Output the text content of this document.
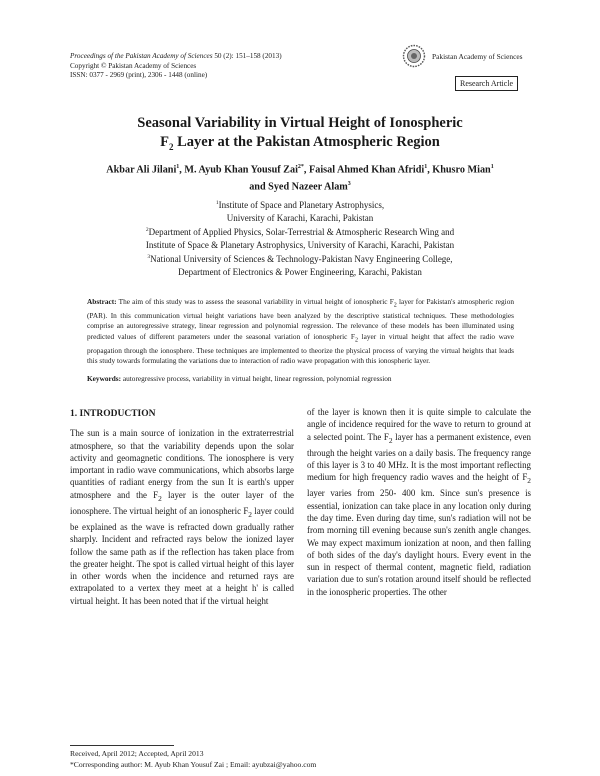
Proceedings of the Pakistan Academy of Sciences 50 (2): 151–158 (2013)
Copyright © Pakistan Academy of Sciences
ISSN: 0377 - 2969 (print), 2306 - 1448 (online)
Pakistan Academy of Sciences
Research Article
Seasonal Variability in Virtual Height of Ionospheric
$F_2$ Layer at the Pakistan Atmospheric Region
Akbar Ali Jilani$^1$, M. Ayub Khan Yousuf Zai$^{2*}$, Faisal Ahmed Khan Afridi$^1$, Khusro Mian$^1$
and Syed Nazeer Alam$^3$
$^1$Institute of Space and Planetary Astrophysics,
University of Karachi, Karachi, Pakistan
$^2$Department of Applied Physics, Solar-Terrestrial & Atmospheric Research Wing and
Institute of Space & Planetary Astrophysics, University of Karachi, Karachi, Pakistan
$^3$National University of Sciences & Technology-Pakistan Navy Engineering College,
Department of Electronics & Power Engineering, Karachi, Pakistan
Abstract: The aim of this study was to assess the seasonal variability in virtual height of ionospheric $F_2$ layer for Pakistan's atmospheric region (PAR). In this communication virtual height variations have been analyzed by the descriptive statistical techniques. These methodologies comprise an autoregressive strategy, linear regression and polynomial regression. The relevance of these models has been illuminated using predicted values of different parameters under the seasonal variation of ionospheric $F_2$ layer in virtual height that affect the radio wave propagation through the ionosphere. These techniques are implemented to theorize the physical process of varying the virtual heights that leads this study towards formulating the variations due to interaction of radio wave propagation with this ionospheric layer.
Keywords: autoregressive process, variability in virtual height, linear regression, polynomial regression
1. INTRODUCTION
The sun is a main source of ionization in the extraterrestrial atmosphere, so that the variability depends upon the solar activity and geomagnetic conditions. The ionosphere is very important in radio wave communications, which absorbs large quantities of radiant energy from the sun It is earth's upper atmosphere and the $F_2$ layer is the outer layer of the ionosphere. The virtual height of an ionospheric $F_2$ layer could be explained as the wave is refracted down gradually rather sharply. Incident and refracted rays below the ionized layer follow the same path as if the reflection has taken place from the greater height. The spot is called virtual height of this layer in other words when the incidence and returned rays are extrapolated to a vertex they meet at a height h' is called virtual height. It has been noted that if the virtual height
of the layer is known then it is quite simple to calculate the angle of incidence required for the wave to return to ground at a selected point. The $F_2$ layer has a permanent existence, even through the height varies on a daily basis. The frequency range of this layer is 3 to 40 MHz. It is the most important reflecting medium for high frequency radio waves and the height of $F_2$ layer varies from 250- 400 km. Since sun's presence is essential, ionization can take place in any location only during the day time. Even during day time, sun's radiation will not be from morning till evening because sun's zenith angle changes. We may expect maximum ionization at noon, and then falling of both sides of the day's daylight hours. Every event in the sun in respect of thermal content, magnetic field, radiation variation due to sun's rotation around itself should be reflected in the ionospheric properties. The other
Received, April 2012; Accepted, April 2013
*Corresponding author: M. Ayub Khan Yousuf Zai ; Email: ayubzai@yahoo.com
